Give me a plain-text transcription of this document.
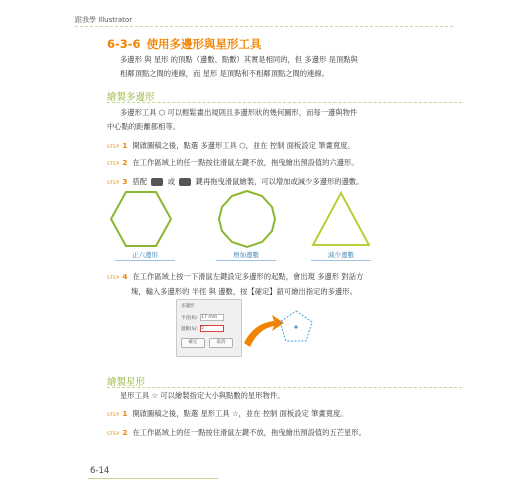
跟我學 Illustrator
6-3-6 使用多邊形與星形工具
多邊形 與 星形 的頂點（邊數、點數）其實是相同的，但 多邊形 是頂點與
相鄰頂點之間的連線，而 星形 是頂點和不相鄰頂點之間的連線。
繪製多邊形
多邊形工具 ⬡ 可以輕鬆畫出規則且多邊形狀的幾何圖形，而每一邊與物件
中心點的距離都相等。
STEP 1 開啟圖稿之後，點選 多邊形工具 ⬡，並在 控制 面板設定 筆畫寬度。
STEP 2 在工作區域上的任一點按住滑鼠左鍵不放，拖曳繪出預設值的六邊形。
STEP 3 搭配	或	鍵再拖曳滑鼠繪製，可以增加或減少多邊形的邊數。
正六邊形	增加邊數	減少邊數
STEP 4 在工作區域上按一下滑鼠左鍵設定多邊形的起點，會出現 多邊形 對話方
塊，輸入多邊形的 半徑 與 邊數，按【確定】鈕可繪出指定的多邊形。
多邊形
半徑(R): 17 mm
邊數(S): 5
確定	取消
繪製星形
星形工具 ☆ 可以繪製指定大小與點數的星形物件。
STEP 1 開啟圖稿之後，點選 星形工具 ☆，並在 控制 面板設定 筆畫寬度。
STEP 2 在工作區域上的任一點按住滑鼠左鍵不放，拖曳繪出預設值的五芒星形。
6-14
